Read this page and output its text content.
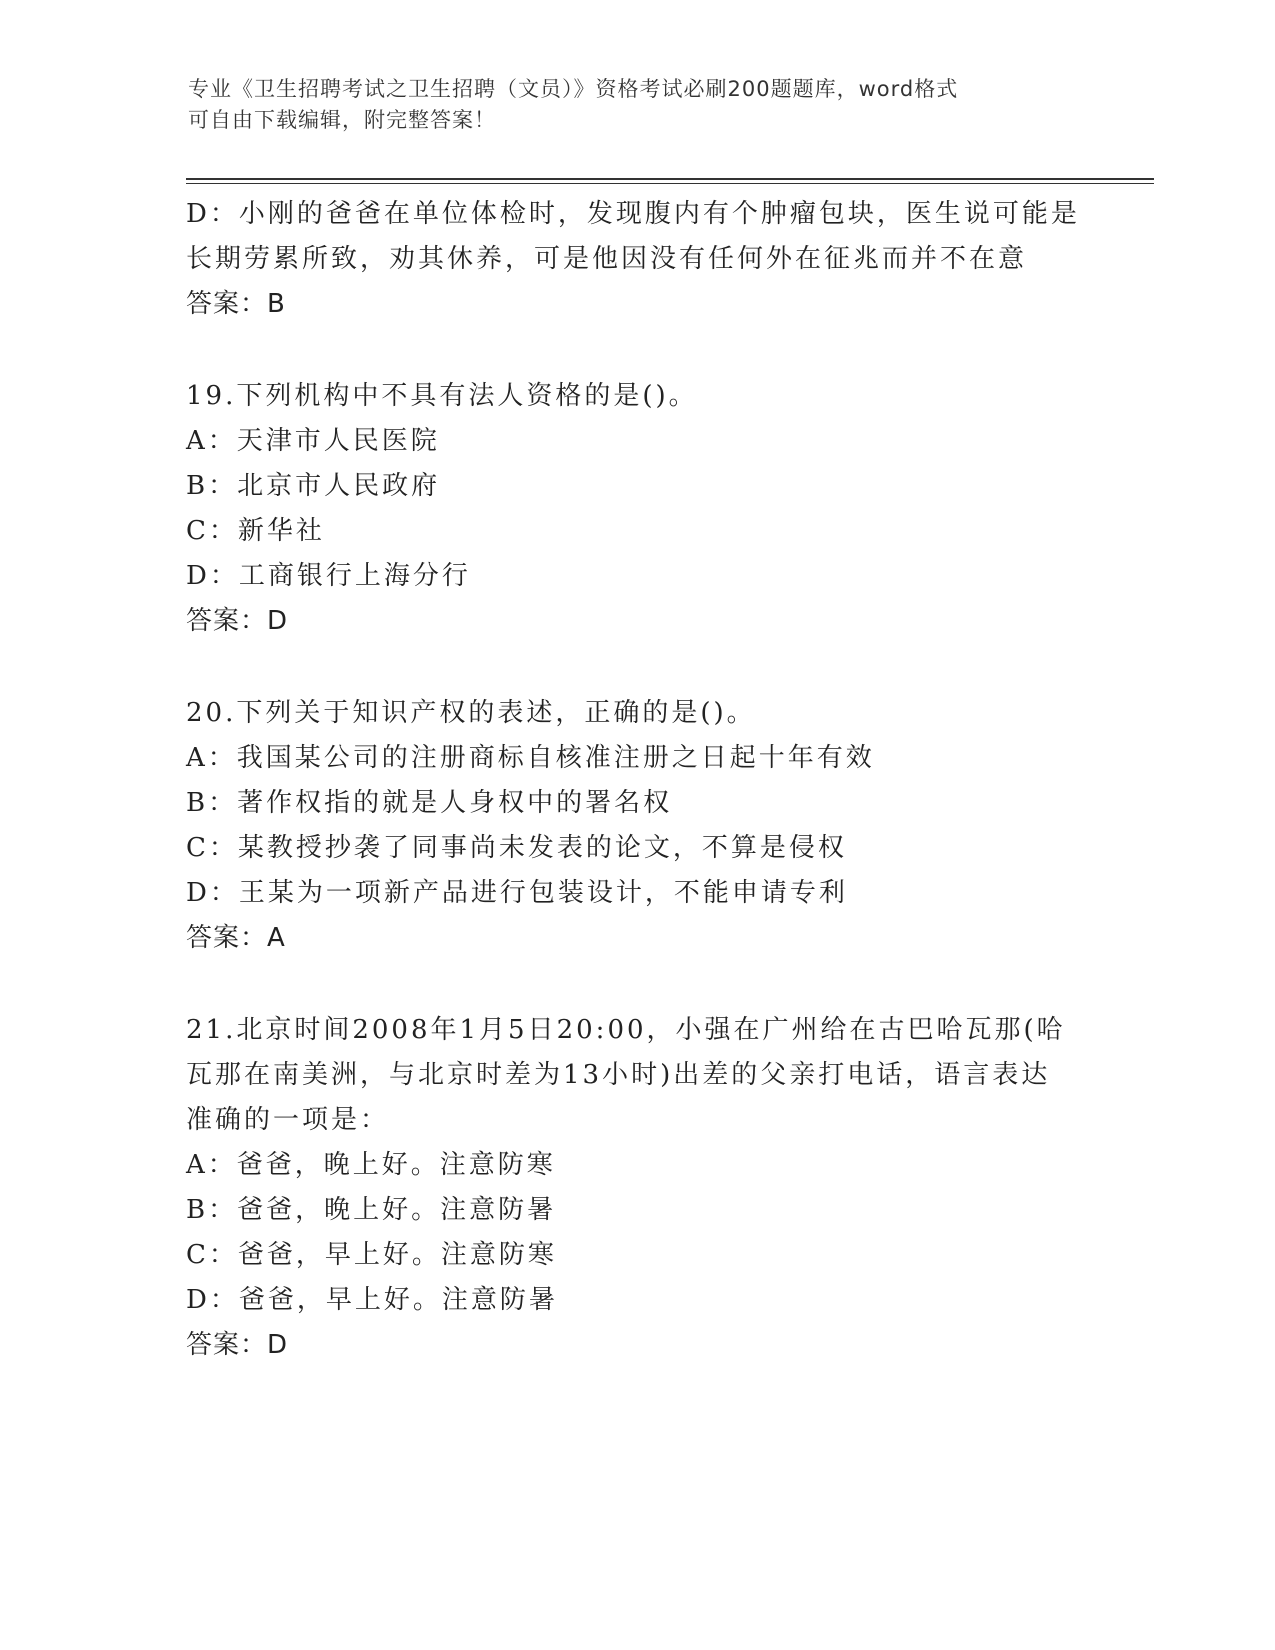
专业《卫生招聘考试之卫生招聘（文员）》资格考试必刷200题题库，word格式
可自由下载编辑，附完整答案！
D：小刚的爸爸在单位体检时，发现腹内有个肿瘤包块，医生说可能是
长期劳累所致，劝其休养，可是他因没有任何外在征兆而并不在意
答案：B
19.下列机构中不具有法人资格的是()。
A：天津市人民医院
B：北京市人民政府
C：新华社
D：工商银行上海分行
答案：D
20.下列关于知识产权的表述，正确的是()。
A：我国某公司的注册商标自核准注册之日起十年有效
B：著作权指的就是人身权中的署名权
C：某教授抄袭了同事尚未发表的论文，不算是侵权
D：王某为一项新产品进行包装设计，不能申请专利
答案：A
21.北京时间2008年1月5日20:00，小强在广州给在古巴哈瓦那(哈
瓦那在南美洲，与北京时差为13小时)出差的父亲打电话，语言表达
准确的一项是：
A：爸爸，晚上好。注意防寒
B：爸爸，晚上好。注意防暑
C：爸爸，早上好。注意防寒
D：爸爸，早上好。注意防暑
答案：D
